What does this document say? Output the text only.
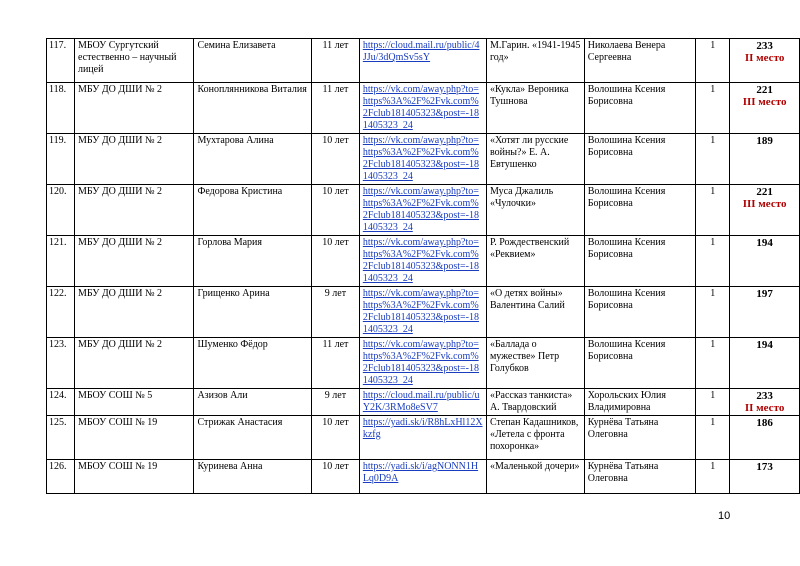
117.	МБОУ Сургутский естественно – научный лицей	Семина Елизавета	11 лет	https://cloud.mail.ru/public/4JJu/3dQmSv5sY	М.Гарин. «1941-1945 год»	Николаева Венера Сергеевна	1	233
II место

118.	МБУ ДО ДШИ № 2	Коноплянникова Виталия	11 лет	https://vk.com/away.php?to=https%3A%2F%2Fvk.com%2Fclub181405323&post=-181405323_24	«Кукла» Вероника Тушнова	Волошина Ксения Борисовна	1	221
III место

119.	МБУ ДО ДШИ № 2	Мухтарова Алина	10 лет	https://vk.com/away.php?to=https%3A%2F%2Fvk.com%2Fclub181405323&post=-181405323_24	«Хотят ли русские войны?» Е. А. Евтушенко	Волошина Ксения Борисовна	1	189
120.	МБУ ДО ДШИ № 2	Федорова Кристина	10 лет	https://vk.com/away.php?to=https%3A%2F%2Fvk.com%2Fclub181405323&post=-181405323_24	Муса Джалиль «Чулочки»	Волошина Ксения Борисовна	1	221
III место

121.	МБУ ДО ДШИ № 2	Горлова Мария	10 лет	https://vk.com/away.php?to=https%3A%2F%2Fvk.com%2Fclub181405323&post=-181405323_24	Р. Рождественский «Реквием»	Волошина Ксения Борисовна	1	194
122.	МБУ ДО ДШИ № 2	Грищенко Арина	9 лет	https://vk.com/away.php?to=https%3A%2F%2Fvk.com%2Fclub181405323&post=-181405323_24	«О детях войны» Валентина Салий	Волошина Ксения Борисовна	1	197
123.	МБУ ДО ДШИ № 2	Шуменко Фёдор	11 лет	https://vk.com/away.php?to=https%3A%2F%2Fvk.com%2Fclub181405323&post=-181405323_24	«Баллада о мужестве» Петр Голубков	Волошина Ксения Борисовна	1	194
124.	МБОУ СОШ № 5	Азизов Али	9 лет	https://cloud.mail.ru/public/uY2K/3RMo8eSV7	«Рассказ танкиста» А. Твардовский	Хорольских Юлия Владимировна	1	233
II место

125.	МБОУ СОШ № 19	Стрижак Анастасия	10 лет	https://yadi.sk/i/R8hLxHl12Xkzfg	Степан Кадашников, «Летела с фронта похоронка»	Курнёва Татьяна Олеговна	1	186
126.	МБОУ СОШ № 19	Куринева Анна	10 лет	https://yadi.sk/i/agNONN1HLq0D9A	«Маленькой дочери»	Курнёва Татьяна Олеговна	1	173
10
